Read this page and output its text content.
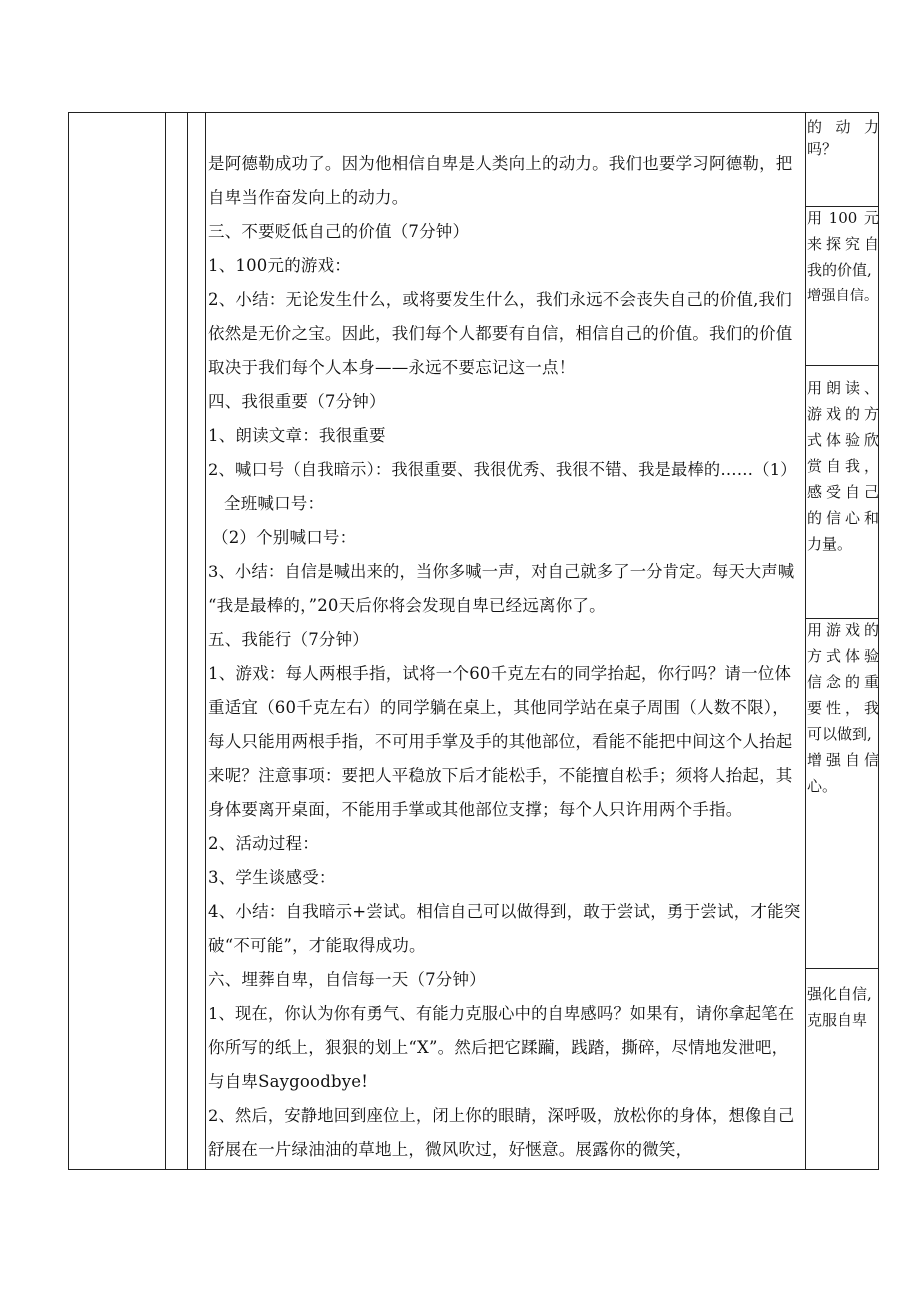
是阿德勒成功了。因为他相信自卑是人类向上的动力。我们也要学习阿德勒，把
自卑当作奋发向上的动力。
三、不要贬低自己的价值（7分钟）
1、100元的游戏：
2、小结：无论发生什么，或将要发生什么，我们永远不会丧失自己的价值,我们
依然是无价之宝。因此，我们每个人都要有自信，相信自己的价值。我们的价值
取决于我们每个人本身——永远不要忘记这一点！
四、我很重要（7分钟）
1、朗读文章：我很重要
2、喊口号（自我暗示）：我很重要、我很优秀、我很不错、我是最棒的……（1）
全班喊口号：
（2）个别喊口号：
3、小结：自信是喊出来的，当你多喊一声，对自己就多了一分肯定。每天大声喊
“我是最棒的，”20天后你将会发现自卑已经远离你了。
五、我能行（7分钟）
1、游戏：每人两根手指，试将一个60千克左右的同学抬起，你行吗？请一位体
重适宜（60千克左右）的同学躺在桌上，其他同学站在桌子周围（人数不限），
每人只能用两根手指，不可用手掌及手的其他部位，看能不能把中间这个人抬起
来呢？注意事项：要把人平稳放下后才能松手，不能擅自松手；须将人抬起，其
身体要离开桌面，不能用手掌或其他部位支撑；每个人只许用两个手指。
2、活动过程：
3、学生谈感受：
4、小结：自我暗示+尝试。相信自己可以做得到，敢于尝试，勇于尝试，才能突
破“不可能”，才能取得成功。
六、埋葬自卑，自信每一天（7分钟）
1、现在，你认为你有勇气、有能力克服心中的自卑感吗？如果有，请你拿起笔在
你所写的纸上，狠狠的划上“X”。然后把它蹂躏，践踏，撕碎，尽情地发泄吧，
与自卑Saygoodbye!
2、然后，安静地回到座位上，闭上你的眼睛，深呼吸，放松你的身体，想像自己
舒展在一片绿油油的草地上，微风吹过，好惬意。展露你的微笑，
的动力
吗？
用100元
来探究自
我的价值,
增强自信。
用朗读、
游戏的方
式体验欣
赏自我，
感受自己
的信心和
力量。
用游戏的
方式体验
信念的重
要性，我
可以做到,
增强自信
心。
强化自信,
克服自卑
